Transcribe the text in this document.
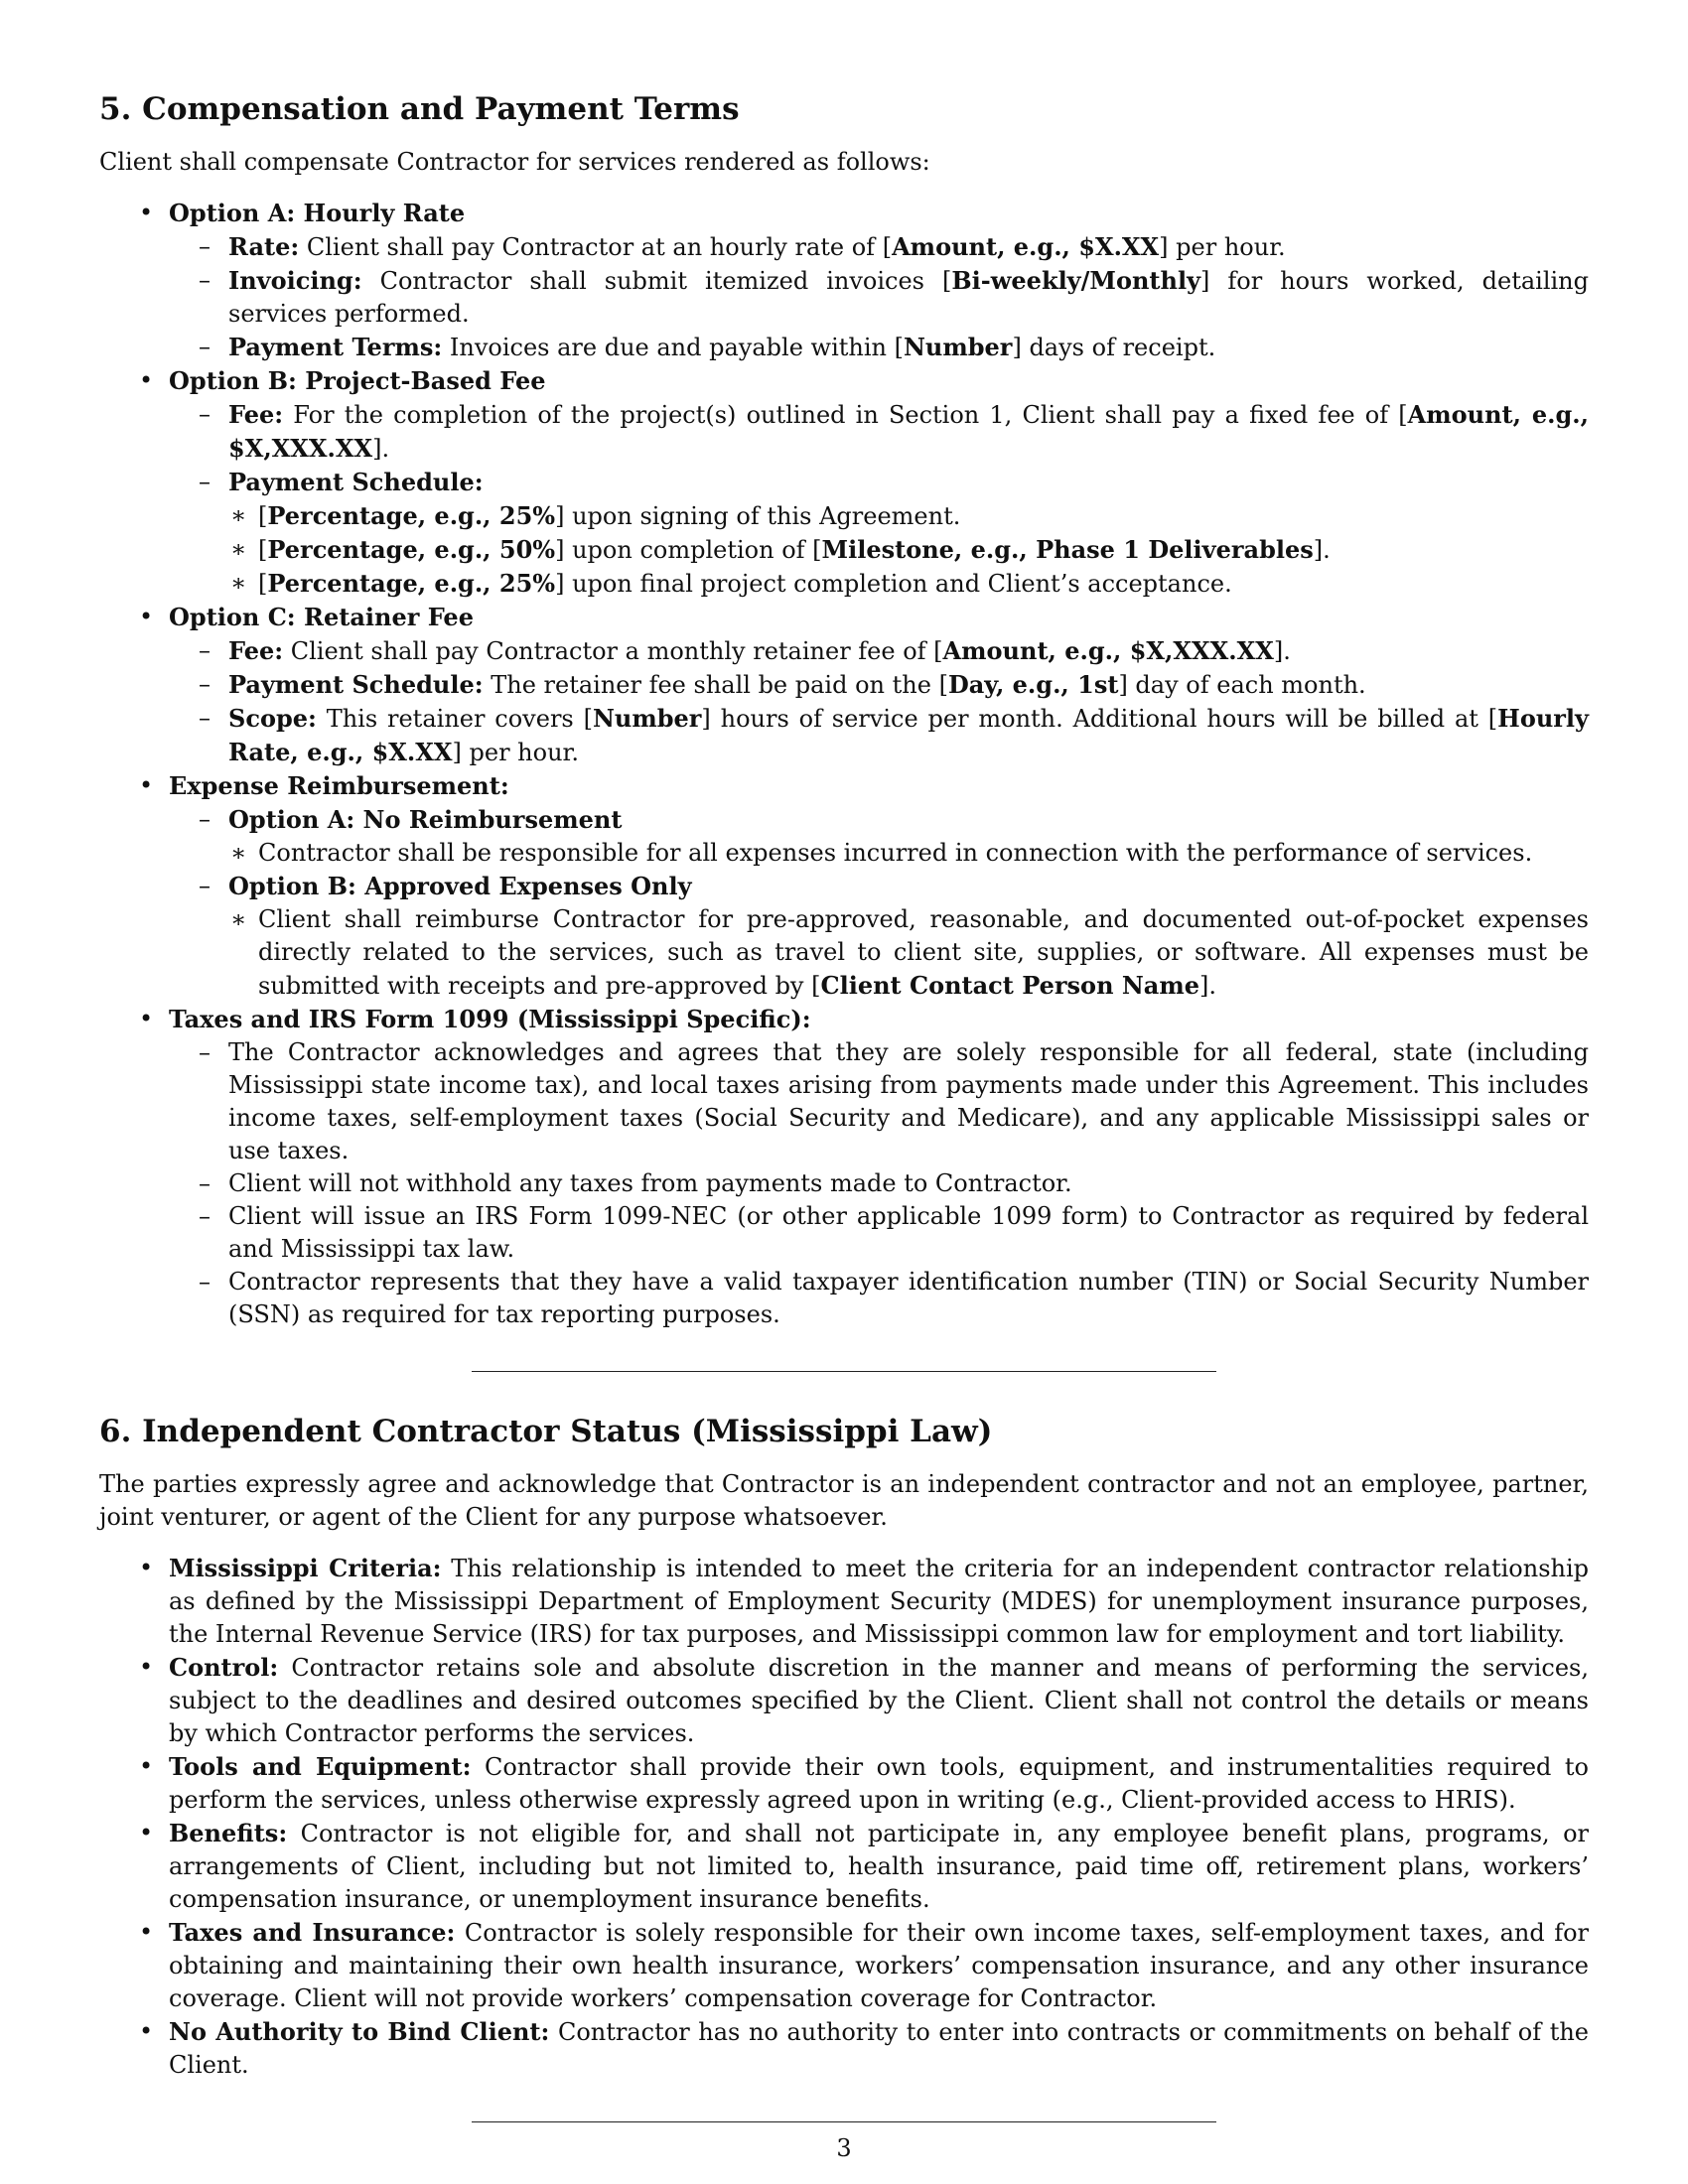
5. Compensation and Payment Terms

Client shall compensate Contractor for services rendered as follows:

• Option A: Hourly Rate
– Rate: Client shall pay Contractor at an hourly rate of [Amount, e.g., $X.XX] per hour.
– Invoicing: Contractor shall submit itemized invoices [Bi-weekly/Monthly] for hours worked, detailing services performed.
– Payment Terms: Invoices are due and payable within [Number] days of receipt.
• Option B: Project-Based Fee
– Fee: For the completion of the project(s) outlined in Section 1, Client shall pay a fixed fee of [Amount, e.g., $X,XXX.XX].
– Payment Schedule:
∗ [Percentage, e.g., 25%] upon signing of this Agreement.
∗ [Percentage, e.g., 50%] upon completion of [Milestone, e.g., Phase 1 Deliverables].
∗ [Percentage, e.g., 25%] upon final project completion and Client’s acceptance.
• Option C: Retainer Fee
– Fee: Client shall pay Contractor a monthly retainer fee of [Amount, e.g., $X,XXX.XX].
– Payment Schedule: The retainer fee shall be paid on the [Day, e.g., 1st] day of each month.
– Scope: This retainer covers [Number] hours of service per month. Additional hours will be billed at [Hourly Rate, e.g., $X.XX] per hour.
• Expense Reimbursement:
– Option A: No Reimbursement
∗ Contractor shall be responsible for all expenses incurred in connection with the performance of services.
– Option B: Approved Expenses Only
∗ Client shall reimburse Contractor for pre-approved, reasonable, and documented out-of-pocket expenses directly related to the services, such as travel to client site, supplies, or software. All expenses must be submitted with receipts and pre-approved by [Client Contact Person Name].
• Taxes and IRS Form 1099 (Mississippi Specific):
– The Contractor acknowledges and agrees that they are solely responsible for all federal, state (including Mississippi state income tax), and local taxes arising from payments made under this Agreement. This includes income taxes, self-employment taxes (Social Security and Medicare), and any applicable Mississippi sales or use taxes.
– Client will not withhold any taxes from payments made to Contractor.
– Client will issue an IRS Form 1099-NEC (or other applicable 1099 form) to Contractor as required by federal and Mississippi tax law.
– Contractor represents that they have a valid taxpayer identification number (TIN) or Social Security Number (SSN) as required for tax reporting purposes.
6. Independent Contractor Status (Mississippi Law)

The parties expressly agree and acknowledge that Contractor is an independent contractor and not an employee, partner, joint venturer, or agent of the Client for any purpose whatsoever.

• Mississippi Criteria: This relationship is intended to meet the criteria for an independent contractor relationship as defined by the Mississippi Department of Employment Security (MDES) for unemployment insurance purposes, the Internal Revenue Service (IRS) for tax purposes, and Mississippi common law for employment and tort liability.
• Control: Contractor retains sole and absolute discretion in the manner and means of performing the services, subject to the deadlines and desired outcomes specified by the Client. Client shall not control the details or means by which Contractor performs the services.
• Tools and Equipment: Contractor shall provide their own tools, equipment, and instrumentalities required to perform the services, unless otherwise expressly agreed upon in writing (e.g., Client-provided access to HRIS).
• Benefits: Contractor is not eligible for, and shall not participate in, any employee benefit plans, programs, or arrangements of Client, including but not limited to, health insurance, paid time off, retirement plans, workers’ compensation insurance, or unemployment insurance benefits.
• Taxes and Insurance: Contractor is solely responsible for their own income taxes, self-employment taxes, and for obtaining and maintaining their own health insurance, workers’ compensation insurance, and any other insurance coverage. Client will not provide workers’ compensation coverage for Contractor.
• No Authority to Bind Client: Contractor has no authority to enter into contracts or commitments on behalf of the Client.
3
